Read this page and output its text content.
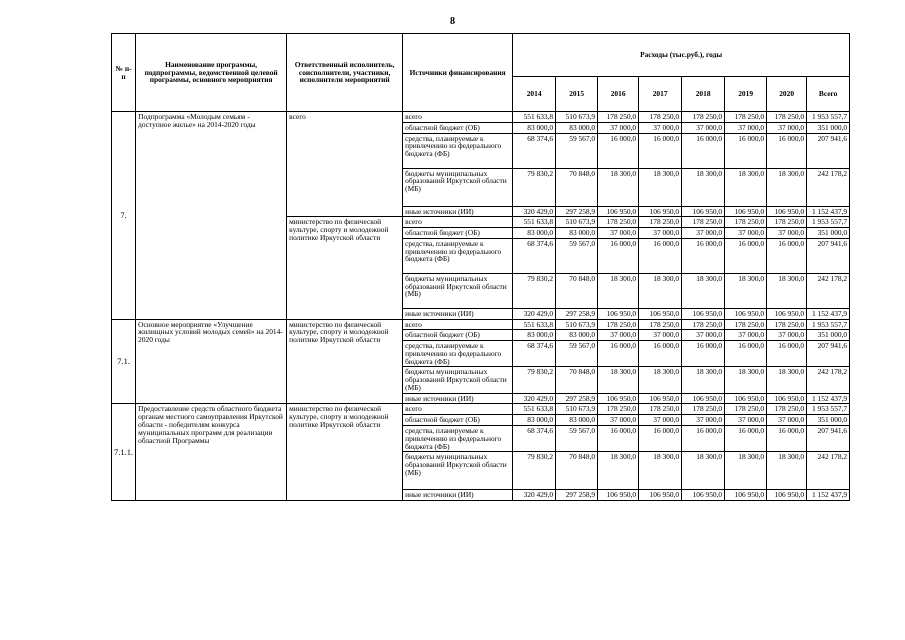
8
№ п-п	Наименование программы, подпрограммы, ведомственной целевой программы, основного мероприятия	Ответственный исполнитель, соисполнители, участники, исполнители мероприятий	Источники финансирования	Расходы (тыс.руб.), годы							
				2014	2015	2016	2017	2018	2019	2020	Всего
7.	Подпрограмма «Молодым семьям - доступное жилье» на 2014-2020 годы	всего	всего	551 633,8	510 673,9	178 250,0	178 250,0	178 250,0	178 250,0	178 250,0	1 953 557,7
			областной бюджет (ОБ)	83 000,0	83 000,0	37 000,0	37 000,0	37 000,0	37 000,0	37 000,0	351 000,0
			средства, планируемые к привлечению из федерального бюджета (ФБ)	68 374,6	59 567,0	16 000,0	16 000,0	16 000,0	16 000,0	16 000,0	207 941,6
			бюджеты муниципальных образований Иркутской области (МБ)	79 830,2	70 848,0	18 300,0	18 300,0	18 300,0	18 300,0	18 300,0	242 178,2
			иные источники (ИИ)	320 429,0	297 258,9	106 950,0	106 950,0	106 950,0	106 950,0	106 950,0	1 152 437,9
		министерство по физической культуре, спорту и молодежной политике Иркутской области	всего	551 633,8	510 673,9	178 250,0	178 250,0	178 250,0	178 250,0	178 250,0	1 953 557,7
			областной бюджет (ОБ)	83 000,0	83 000,0	37 000,0	37 000,0	37 000,0	37 000,0	37 000,0	351 000,0
			средства, планируемые к привлечению из федерального бюджета (ФБ)	68 374,6	59 567,0	16 000,0	16 000,0	16 000,0	16 000,0	16 000,0	207 941,6
			бюджеты муниципальных образований Иркутской области (МБ)	79 830,2	70 848,0	18 300,0	18 300,0	18 300,0	18 300,0	18 300,0	242 178,2
			иные источники (ИИ)	320 429,0	297 258,9	106 950,0	106 950,0	106 950,0	106 950,0	106 950,0	1 152 437,9
7.1.	Основное мероприятие «Улучшение жилищных условий молодых семей» на 2014-2020 годы	министерство по физической культуре, спорту и молодежной политике Иркутской области	всего	551 633,8	510 673,9	178 250,0	178 250,0	178 250,0	178 250,0	178 250,0	1 953 557,7
			областной бюджет (ОБ)	83 000,0	83 000,0	37 000,0	37 000,0	37 000,0	37 000,0	37 000,0	351 000,0
			средства, планируемые к привлечению из федерального бюджета (ФБ)	68 374,6	59 567,0	16 000,0	16 000,0	16 000,0	16 000,0	16 000,0	207 941,6
			бюджеты муниципальных образований Иркутской области (МБ)	79 830,2	70 848,0	18 300,0	18 300,0	18 300,0	18 300,0	18 300,0	242 178,2
			иные источники (ИИ)	320 429,0	297 258,9	106 950,0	106 950,0	106 950,0	106 950,0	106 950,0	1 152 437,9
7.1.1.	Предоставление средств областного бюджета органам местного самоуправления Иркутской области - победителям конкурса муниципальных программ для реализации областной Программы	министерство по физической культуре, спорту и молодежной политике Иркутской области	всего	551 633,8	510 673,9	178 250,0	178 250,0	178 250,0	178 250,0	178 250,0	1 953 557,7
			областной бюджет (ОБ)	83 000,0	83 000,0	37 000,0	37 000,0	37 000,0	37 000,0	37 000,0	351 000,0
			средства, планируемые к привлечению из федерального бюджета (ФБ)	68 374,6	59 567,0	16 000,0	16 000,0	16 000,0	16 000,0	16 000,0	207 941,6
			бюджеты муниципальных образований Иркутской области (МБ)	79 830,2	70 848,0	18 300,0	18 300,0	18 300,0	18 300,0	18 300,0	242 178,2
			иные источники (ИИ)	320 429,0	297 258,9	106 950,0	106 950,0	106 950,0	106 950,0	106 950,0	1 152 437,9
